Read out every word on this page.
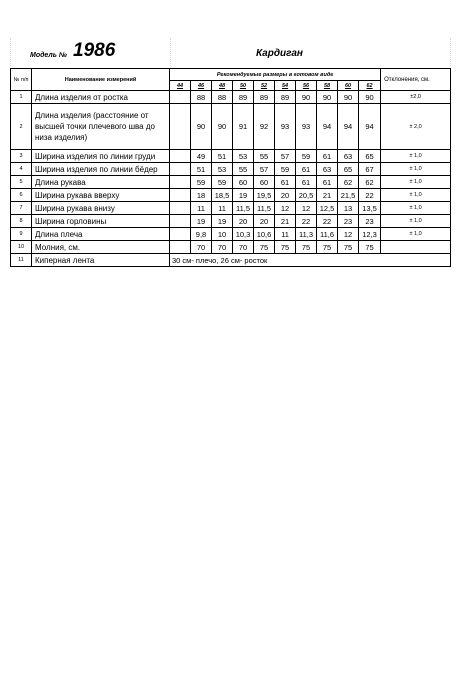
Модель № 1986	Кардиган
№ п/п	Наименование измерений	Рекомендуемые размеры в готовом виде										Отклонения, см.
		44	46	48	50	52	54	56	58	60	62	
1	Длина изделия от ростка		88	88	89	89	89	90	90	90	90	±2,0
2	Длина изделия (расстояние от высшей точки плечевого шва до низа изделия)		90	90	91	92	93	93	94	94	94	± 2,0
3	Ширина изделия по линии груди		49	51	53	55	57	59	61	63	65	± 1,0
4	Ширина изделия по линии бёдер		51	53	55	57	59	61	63	65	67	± 1,0
5	Длина рукава		59	59	60	60	61	61	61	62	62	± 1,0
6	Ширина рукава вверху		18	18,5	19	19,5	20	20,5	21	21,5	22	± 1,0
7	Ширина рукава внизу		11	11	11,5	11,5	12	12	12,5	13	13,5	± 1,0
8	Ширина горловины		19	19	20	20	21	22	22	23	23	± 1,0
9	Длина плеча		9,8	10	10,3	10,6	11	11,3	11,6	12	12,3	± 1,0
10	Молния, см.		70	70	70	75	75	75	75	75	75	
11	Киперная лента	30 см- плечо, 26 см- росток										
